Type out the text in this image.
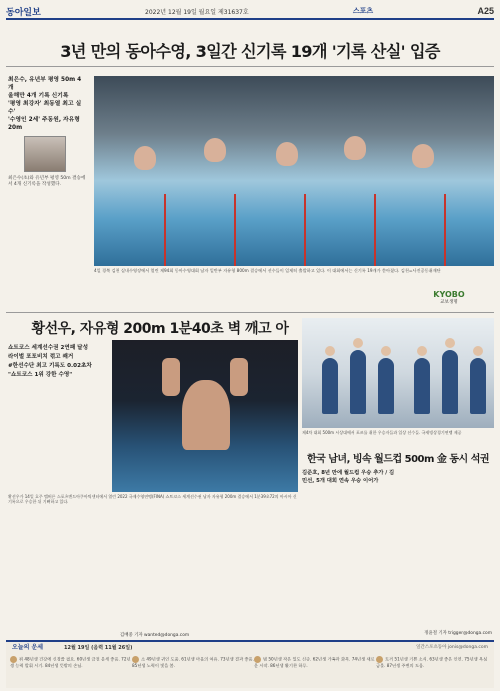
동아일보	2022년 12월 19일 월요일 제31637호	스포츠	A25
3년 만의 동아수영, 3일간 신기록 19개 '기록 산실' 입증
최은수, 유년부 평영 50m 4개
올해만 4개 기록 신기록
'평영 최강자' 최동열 최고 실수'
'수영인 2세' 주동원, 자유형 20m
최은수(초)와 유년부 평영 50m 결승에서 4개 신기록을 작성했다.
4일 경북 김천 실내수영장에서 열린 제94회 동아수영대회 남자 일반부 자유형 800m 결승에서 선수들이 일제히 출발하고 있다. 이 대회에서는 신기록 19개가 쏟아졌다. 김천=사진공동취재단
KYOBO
교보생명
황선우, 자유형 200m 1분40초 벽 깨고 아
쇼트코스 세계선수권 2연패 달성
라이벌 포포비치 꺾고 쾌거
#한선수단 최고 기록도 0.02초차
"쇼트코스 1위 강한 수영"
제4차 대회 500m 시상대에서 포즈를 취한 우승자들과 입상 선수들. 국제빙상경기연맹 제공
한국 남녀, 빙속 월드컵 500m 金 동시 석권
김준호, 8년 만에 월드컵 우승 추가 / 김민선, 5개 대회 연속 우승 이어가
황선우가 14일 호주 멜버른 스포츠앤드아쿠아틱센터에서 열린 2022 국제수영연맹(FINA) 쇼트코스 세계선수권 남자 자유형 200m 결승에서 1분39초72의 아시아 신기록으로 우승한 뒤 기뻐하고 있다.
김배중 기자 wanted@donga.com	정윤철 기자 trigger@donga.com
오늘의 운세	12월 19일 (음력 11월 26일)	일간스포츠동아 jonis@donga.com
쥐 48년생 건강에 신경쓸 필요. 60년생 금전 운세 좋음. 72년생 능력 발휘 시기. 84년생 뜻밖의 손님.
소 49년생 귀인 도움. 61년생 마음의 여유. 73년생 결과 좋음. 85년생 노력이 빛을 봄.
범 50년생 작은 일도 신중. 62년생 가족과 화목. 74년생 새로운 시작. 86년생 활기찬 하루.
토끼 51년생 기쁜 소식. 63년생 좋은 인연. 75년생 욕심 금물. 87년생 주변의 도움.
